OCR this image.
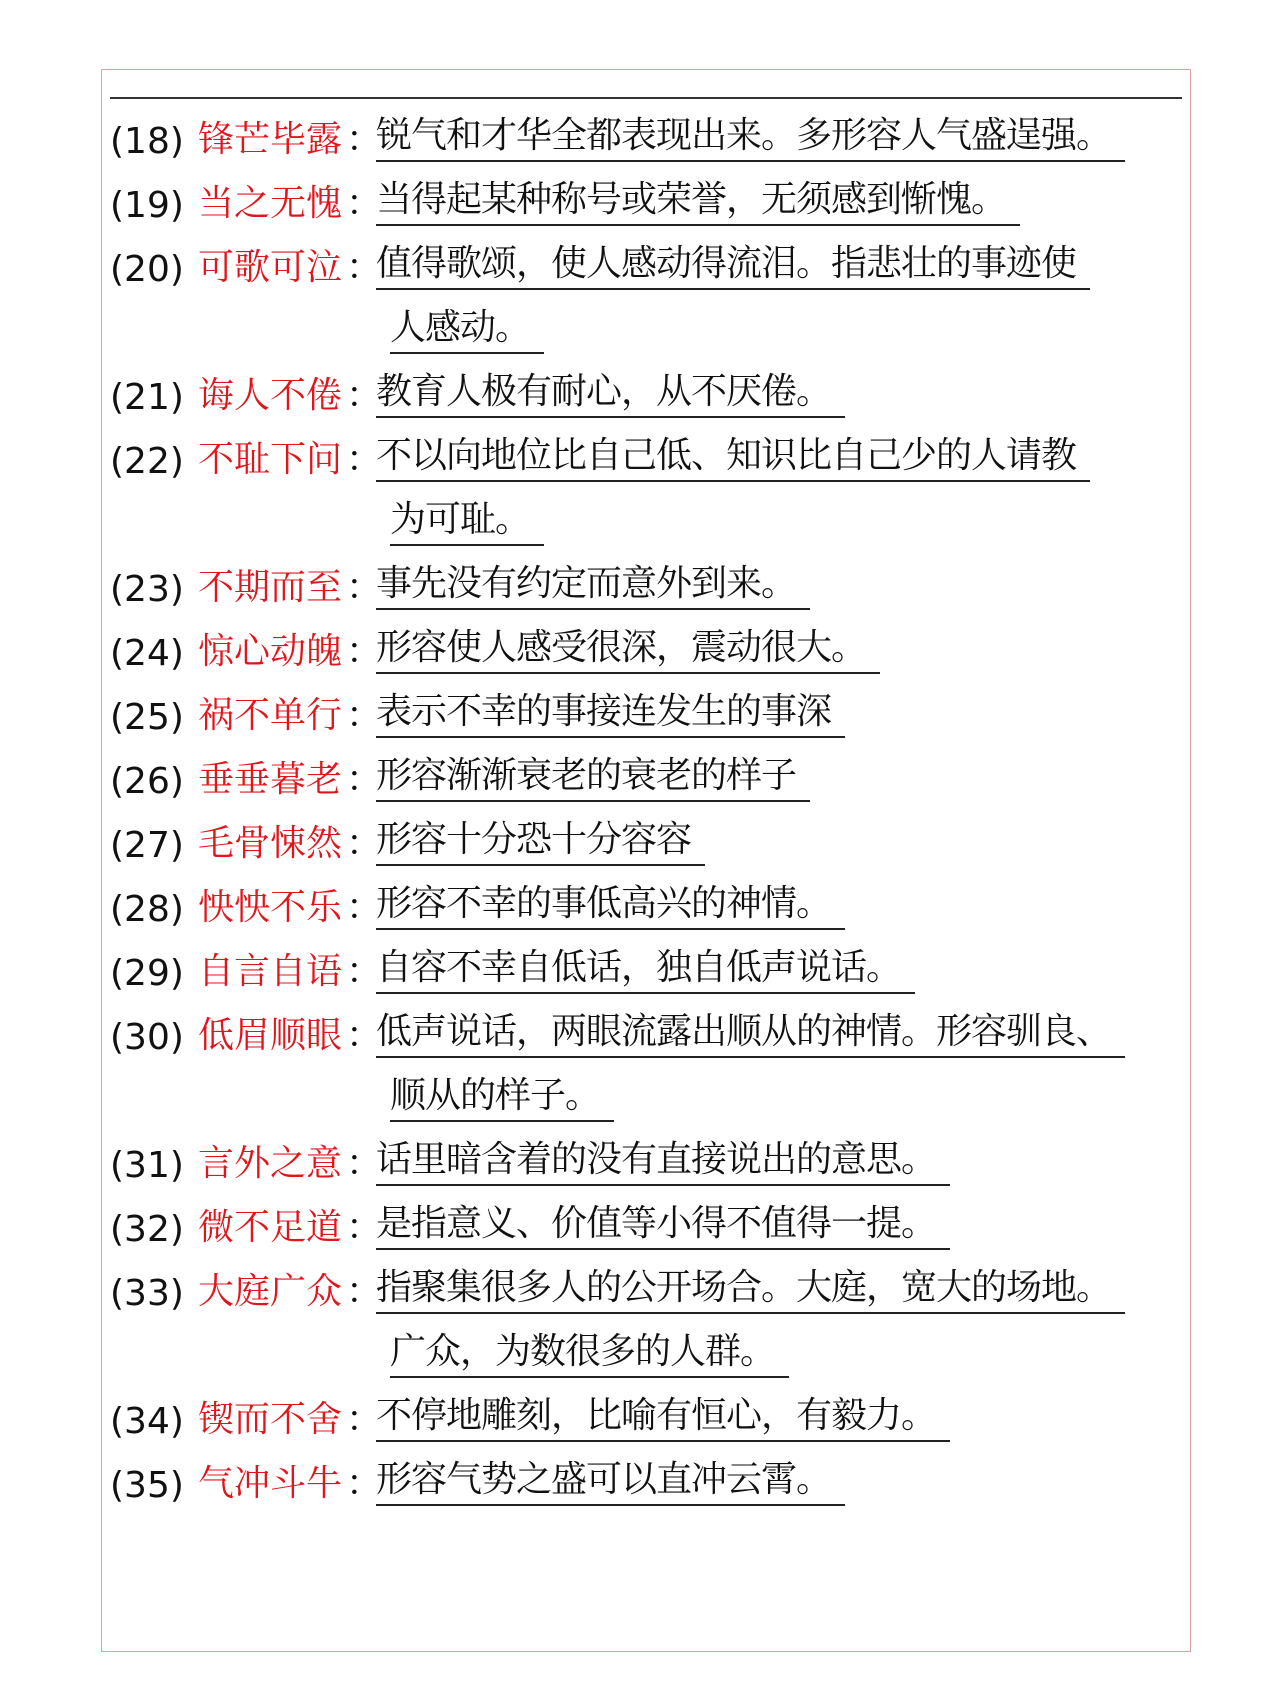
(18) 锋芒毕露 ：
锐气和才华全都表现出来。多形容人气盛逞强。
(19) 当之无愧 ：
当得起某种称号或荣誉，无须感到惭愧。
(20) 可歌可泣 ：
值得歌颂，使人感动得流泪。指悲壮的事迹使
人感动。
(21) 诲人不倦 ：
教育人极有耐心，从不厌倦。
(22) 不耻下问 ：
不以向地位比自己低、知识比自己少的人请教
为可耻。
(23) 不期而至 ：
事先没有约定而意外到来。
(24) 惊心动魄 ：
形容使人感受很深，震动很大。
(25) 祸不单行 ：
表示不幸的事接连发生的事深
(26) 垂垂暮老 ：
形容渐渐衰老的衰老的样子
(27) 毛骨悚然 ：
形容十分恐十分容容
(28) 怏怏不乐 ：
形容不幸的事低高兴的神情。
(29) 自言自语 ：
自容不幸自低话，独自低声说话。
(30) 低眉顺眼 ：
低声说话，两眼流露出顺从的神情。形容驯良、
顺从的样子。
(31) 言外之意 ：
话里暗含着的没有直接说出的意思。
(32) 微不足道 ：
是指意义、价值等小得不值得一提。
(33) 大庭广众 ：
指聚集很多人的公开场合。大庭，宽大的场地。
广众，为数很多的人群。
(34) 锲而不舍 ：
不停地雕刻，比喻有恒心，有毅力。
(35) 气冲斗牛 ：
形容气势之盛可以直冲云霄。
